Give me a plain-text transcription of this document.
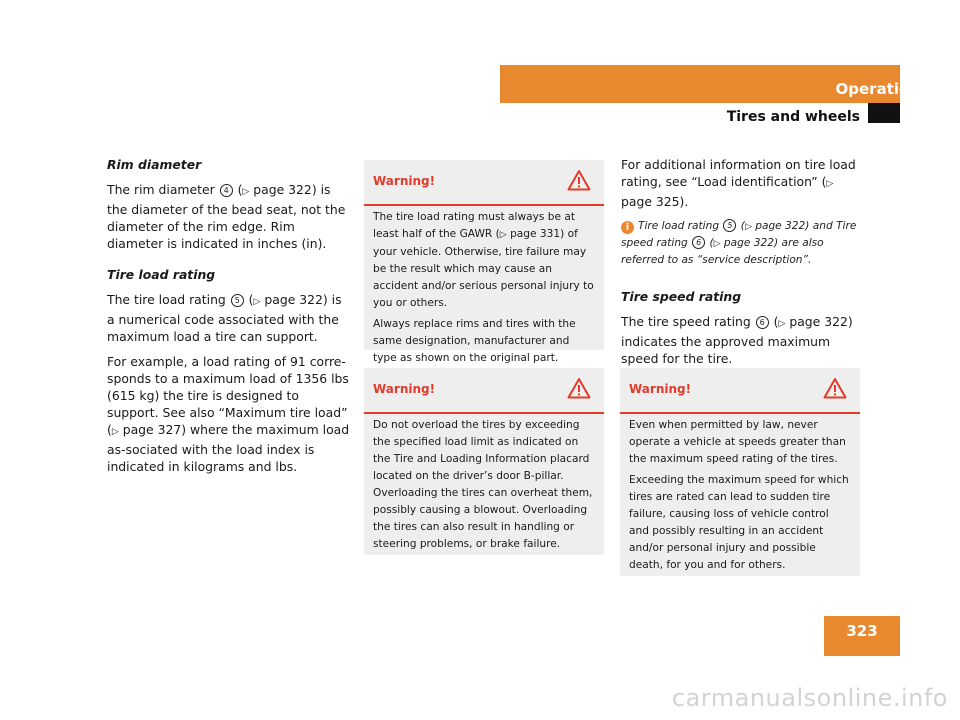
Operation
Tires and wheels
Rim diameter

The rim diameter 4 (▷ page 322) is the diameter of the bead seat, not the diameter of the rim edge. Rim diameter is indicated in inches (in).

Tire load rating

The tire load rating 5 (▷ page 322) is a numerical code associated with the maximum load a tire can support.

For example, a load rating of 91 corre-sponds to a maximum load of 1356 lbs (615 kg) the tire is designed to support. See also “Maximum tire load” (▷ page 327) where the maximum load as-sociated with the load index is indicated in kilograms and lbs.

Warning!

The tire load rating must always be at least half of the GAWR (▷ page 331) of your vehicle. Otherwise, tire failure may be the result which may cause an accident and/or serious personal injury to you or others.

Always replace rims and tires with the same designation, manufacturer and type as shown on the original part.

Warning!

Do not overload the tires by exceeding the specified load limit as indicated on the Tire and Loading Information placard located on the driver’s door B-pillar. Overloading the tires can overheat them, possibly causing a blowout. Overloading the tires can also result in handling or steering problems, or brake failure.

For additional information on tire load rating, see “Load identification” (▷ page 325).

i Tire load rating 5 (▷ page 322) and Tire speed rating 6 (▷ page 322) are also referred to as “service description”.
Tire speed rating

The tire speed rating 6 (▷ page 322) indicates the approved maximum speed for the tire.

Warning!

Even when permitted by law, never operate a vehicle at speeds greater than the maximum speed rating of the tires.

Exceeding the maximum speed for which tires are rated can lead to sudden tire failure, causing loss of vehicle control and possibly resulting in an accident and/or personal injury and possible death, for you and for others.

323
carmanualsonline.info
